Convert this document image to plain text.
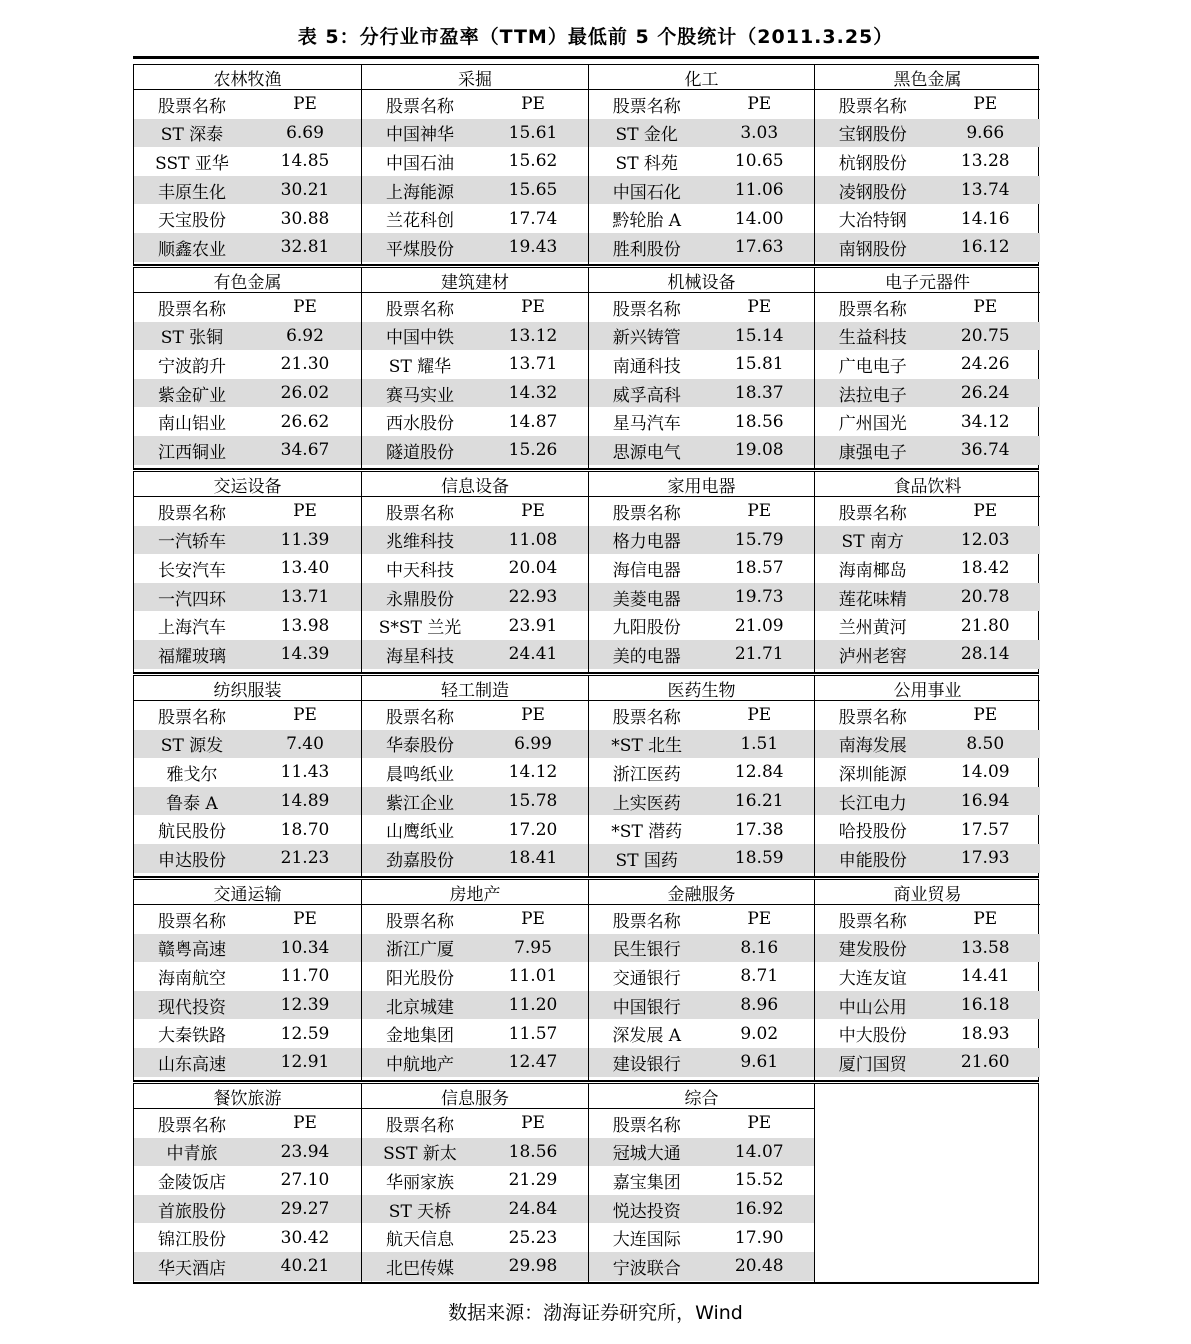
表 5：分行业市盈率（TTM）最低前 5 个股统计（2011.3.25）
农林牧渔
股票名称	PE
ST 深泰	6.69
SST 亚华	14.85
丰原生化	30.21
天宝股份	30.88
顺鑫农业	32.81
采掘
股票名称	PE
中国神华	15.61
中国石油	15.62
上海能源	15.65
兰花科创	17.74
平煤股份	19.43
化工
股票名称	PE
ST 金化	3.03
ST 科苑	10.65
中国石化	11.06
黔轮胎 A	14.00
胜利股份	17.63
黑色金属
股票名称	PE
宝钢股份	9.66
杭钢股份	13.28
凌钢股份	13.74
大冶特钢	14.16
南钢股份	16.12
有色金属
股票名称	PE
ST 张铜	6.92
宁波韵升	21.30
紫金矿业	26.02
南山铝业	26.62
江西铜业	34.67
建筑建材
股票名称	PE
中国中铁	13.12
ST 耀华	13.71
赛马实业	14.32
西水股份	14.87
隧道股份	15.26
机械设备
股票名称	PE
新兴铸管	15.14
南通科技	15.81
威孚高科	18.37
星马汽车	18.56
思源电气	19.08
电子元器件
股票名称	PE
生益科技	20.75
广电电子	24.26
法拉电子	26.24
广州国光	34.12
康强电子	36.74
交运设备
股票名称	PE
一汽轿车	11.39
长安汽车	13.40
一汽四环	13.71
上海汽车	13.98
福耀玻璃	14.39
信息设备
股票名称	PE
兆维科技	11.08
中天科技	20.04
永鼎股份	22.93
S*ST 兰光	23.91
海星科技	24.41
家用电器
股票名称	PE
格力电器	15.79
海信电器	18.57
美菱电器	19.73
九阳股份	21.09
美的电器	21.71
食品饮料
股票名称	PE
ST 南方	12.03
海南椰岛	18.42
莲花味精	20.78
兰州黄河	21.80
泸州老窖	28.14
纺织服装
股票名称	PE
ST 源发	7.40
雅戈尔	11.43
鲁泰 A	14.89
航民股份	18.70
申达股份	21.23
轻工制造
股票名称	PE
华泰股份	6.99
晨鸣纸业	14.12
紫江企业	15.78
山鹰纸业	17.20
劲嘉股份	18.41
医药生物
股票名称	PE
*ST 北生	1.51
浙江医药	12.84
上实医药	16.21
*ST 潜药	17.38
ST 国药	18.59
公用事业
股票名称	PE
南海发展	8.50
深圳能源	14.09
长江电力	16.94
哈投股份	17.57
申能股份	17.93
交通运输
股票名称	PE
赣粤高速	10.34
海南航空	11.70
现代投资	12.39
大秦铁路	12.59
山东高速	12.91
房地产
股票名称	PE
浙江广厦	7.95
阳光股份	11.01
北京城建	11.20
金地集团	11.57
中航地产	12.47
金融服务
股票名称	PE
民生银行	8.16
交通银行	8.71
中国银行	8.96
深发展 A	9.02
建设银行	9.61
商业贸易
股票名称	PE
建发股份	13.58
大连友谊	14.41
中山公用	16.18
中大股份	18.93
厦门国贸	21.60
餐饮旅游
股票名称	PE
中青旅	23.94
金陵饭店	27.10
首旅股份	29.27
锦江股份	30.42
华天酒店	40.21
信息服务
股票名称	PE
SST 新太	18.56
华丽家族	21.29
ST 天桥	24.84
航天信息	25.23
北巴传媒	29.98
综合
股票名称	PE
冠城大通	14.07
嘉宝集团	15.52
悦达投资	16.92
大连国际	17.90
宁波联合	20.48
数据来源：渤海证券研究所，Wind
